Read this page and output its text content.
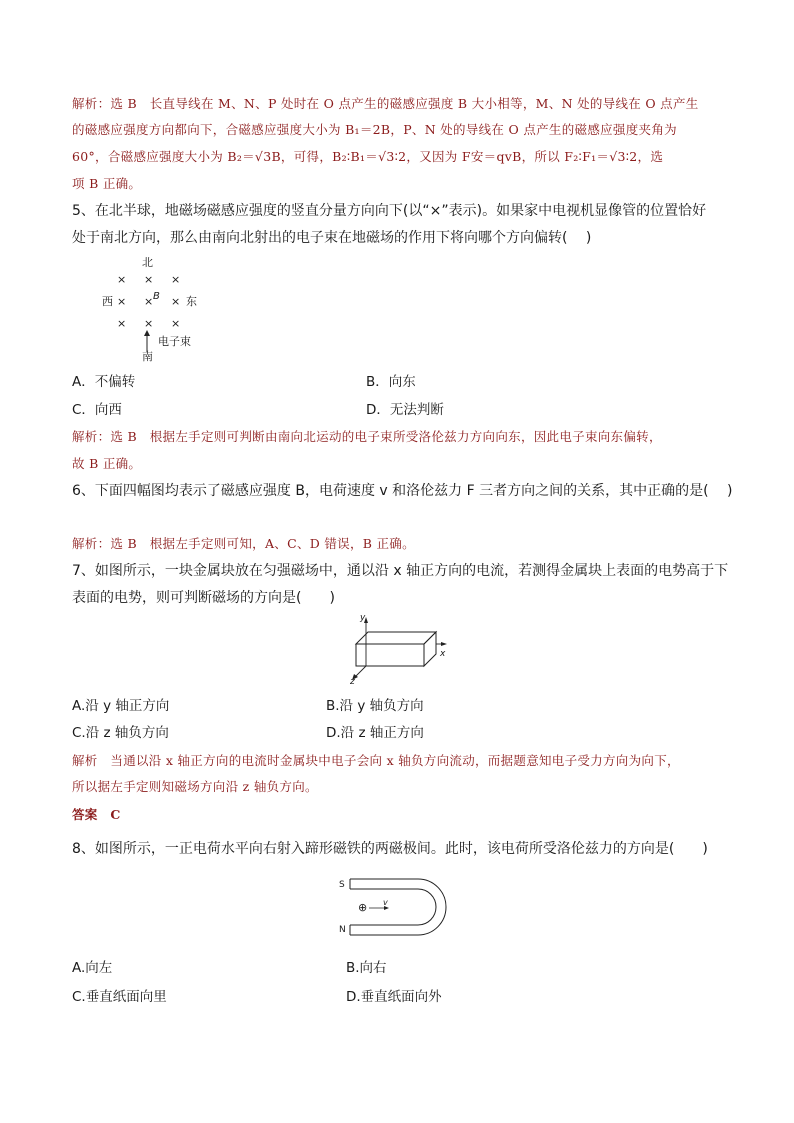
解析：选 B　长直导线在 M、N、P 处时在 O 点产生的磁感应强度 B 大小相等，M、N 处的导线在 O 点产生
的磁感应强度方向都向下，合磁感应强度大小为 B₁＝2B，P、N 处的导线在 O 点产生的磁感应强度夹角为
60°，合磁感应强度大小为 B₂＝√3B，可得，B₂∶B₁＝√3∶2，又因为 F安＝qvB，所以 F₂∶F₁＝√3∶2，选
项 B 正确。
5、在北半球，地磁场磁感应强度的竖直分量方向向下(以“×”表示)。如果家中电视机显像管的位置恰好
处于南北方向，那么由南向北射出的电子束在地磁场的作用下将向哪个方向偏转(　 )
北
× × ×
西 × × B × 东
× × ×
电子束
南
A．不偏转	B．向东
C．向西	D．无法判断
解析：选 B　根据左手定则可判断由南向北运动的电子束所受洛伦兹力方向向东，因此电子束向东偏转，
故 B 正确。
6、下面四幅图均表示了磁感应强度 B，电荷速度 v 和洛伦兹力 F 三者方向之间的关系，其中正确的是(　 )
解析：选 B　根据左手定则可知，A、C、D 错误，B 正确。
7、如图所示，一块金属块放在匀强磁场中，通以沿 x 轴正方向的电流，若测得金属块上表面的电势高于下
表面的电势，则可判断磁场的方向是(　　)
y
x
z
A.沿 y 轴正方向	B.沿 y 轴负方向
C.沿 z 轴负方向	D.沿 z 轴正方向
解析　当通以沿 x 轴正方向的电流时金属块中电子会向 x 轴负方向流动，而据题意知电子受力方向为向下，
所以据左手定则知磁场方向沿 z 轴负方向。
答案　C
8、如图所示，一正电荷水平向右射入蹄形磁铁的两磁极间。此时，该电荷所受洛伦兹力的方向是(　　)
S
N
⊕ v
A.向左	B.向右
C.垂直纸面向里	D.垂直纸面向外
